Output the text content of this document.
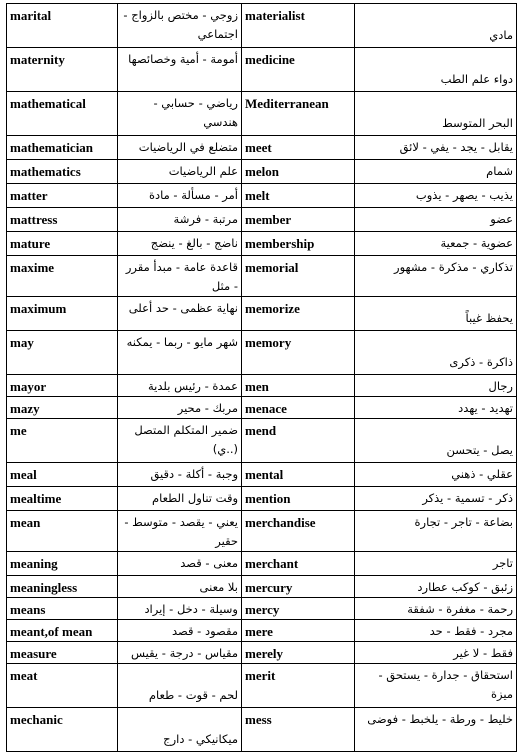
marital	زوجي - مختص بالزواج - اجتماعي	materialist	مادي
maternity	أمومة - أمية وخصائصها	medicine	دواء علم الطب
mathematical	رياضي - حسابي - هندسي	Mediterranean	البحر المتوسط
mathematician	متضلع في الرياضيات	meet	يقابل - يجد - يفي - لائق
mathematics	علم الرياضيات	melon	شمام
matter	أمر - مسألة - مادة	melt	يذيب - يصهر - يذوب
mattress	مرتبة - فرشة	member	عضو
mature	ناضج - بالغ - ينضج	membership	عضوية - جمعية
maxime	قاعدة عامة - مبدأ مقرر - مثل	memorial	تذكاري - مذكرة - مشهور
maximum	نهاية عظمى - حد أعلى	memorize	يحفظ غيباً
may	شهر مايو - ربما - يمكنه	memory	ذاكرة - ذكرى
mayor	عمدة - رئيس بلدية	men	رجال
mazy	مربك - محير	menace	تهديد - يهدد
me	ضمير المتكلم المتصل (..ي)	mend	يصل - يتحسن
meal	وجبة - أكلة - دقيق	mental	عقلي - ذهني
mealtime	وقت تناول الطعام	mention	ذكر - تسمية - يذكر
mean	يعني - يقصد - متوسط - حقير	merchandise	بضاعة - تاجر - تجارة
meaning	معنى - قصد	merchant	تاجر
meaningless	بلا معنى	mercury	زئبق - كوكب عطارد
means	وسيلة - دخل - إيراد	mercy	رحمة - مغفرة - شفقة
meant,of mean	مقصود - قصد	mere	مجرد - فقط - حد
measure	مقياس - درجة - يقيس	merely	فقط - لا غير
meat	لحم - قوت - طعام	merit	استحقاق - جدارة - يستحق - ميزة
mechanic	ميكانيكي - دارج	mess	خليط - ورطة - يلخبط - فوضى
